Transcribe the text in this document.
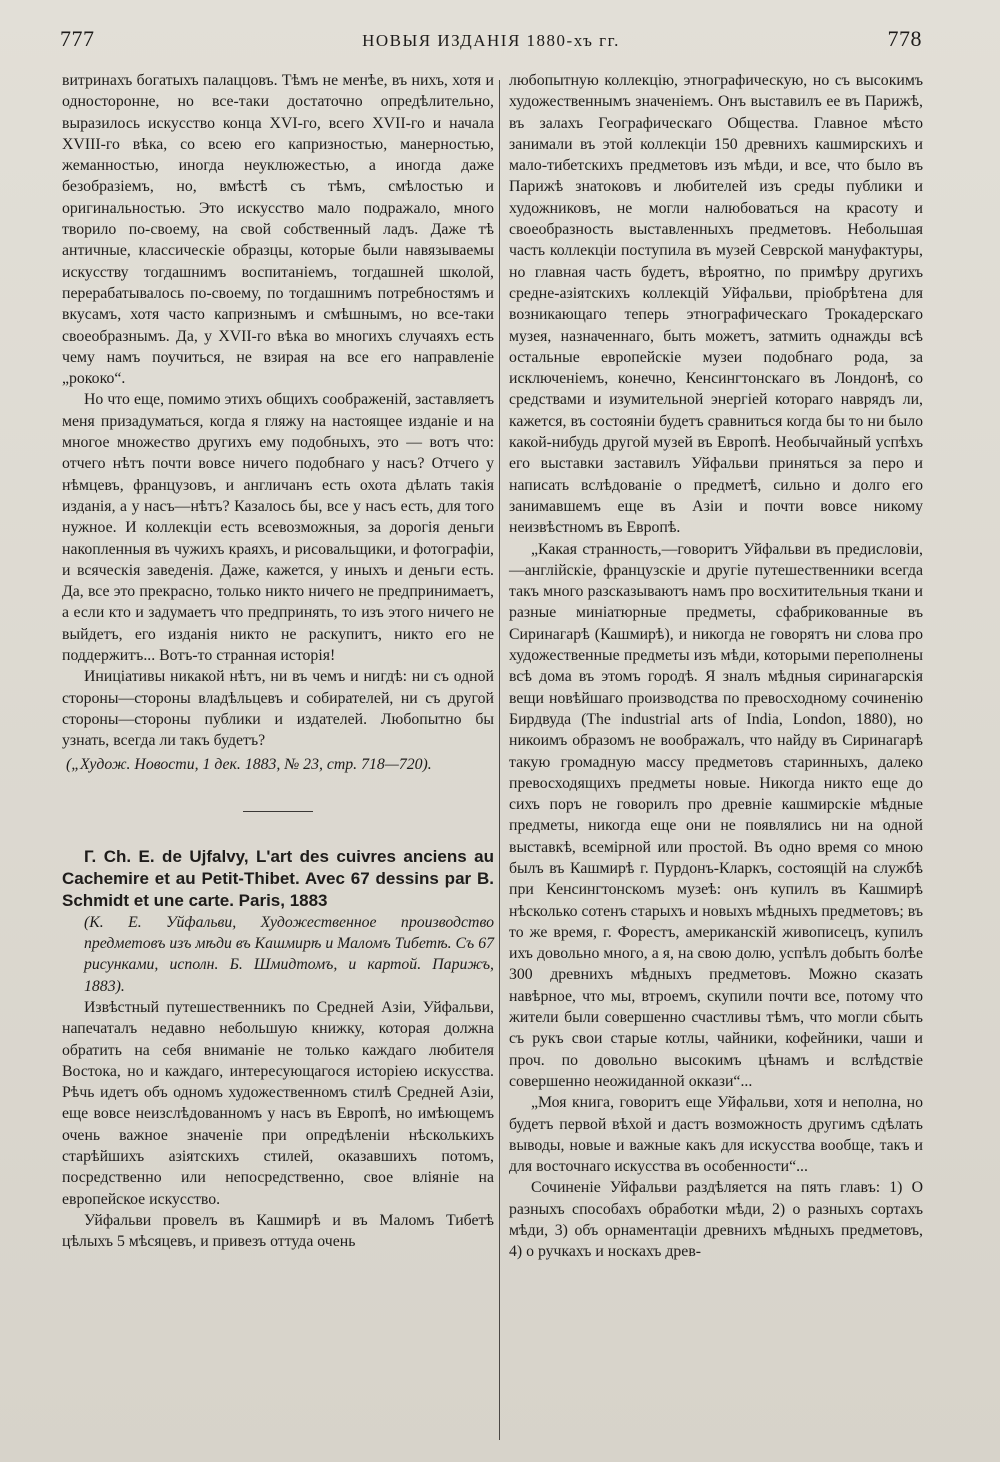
777	НОВЫЯ ИЗДАНІЯ 1880-хъ гг.	778

витринахъ богатыхъ палаццовъ. Тѣмъ не менѣе, въ нихъ, хотя и односторонне, но все-таки достаточно опредѣлительно, выразилось искусство конца XVI-го, всего XVII-го и начала XVIII-го вѣка, со всею его капризностью, манерностью, жеманностью, иногда неуклюжестью, а иногда даже безобразіемъ, но, вмѣстѣ съ тѣмъ, смѣлостью и оригинальностью. Это искусство мало подражало, много творило по-своему, на свой собственный ладъ. Даже тѣ античные, классическіе образцы, которые были навязываемы искусству тогдашнимъ воспитаніемъ, тогдашней школой, перерабатывалось по-своему, по тогдашнимъ потребностямъ и вкусамъ, хотя часто капризнымъ и смѣшнымъ, но все-таки своеобразнымъ. Да, у XVII-го вѣка во многихъ случаяхъ есть чему намъ поучиться, не взирая на все его направленіе „рококо“.

Но что еще, помимо этихъ общихъ соображеній, заставляетъ меня призадуматься, когда я гляжу на настоящее изданіе и на многое множество другихъ ему подобныхъ, это — вотъ что: отчего нѣтъ почти вовсе ничего подобнаго у насъ? Отчего у нѣмцевъ, французовъ, и англичанъ есть охота дѣлать такія изданія, а у насъ—нѣтъ? Казалось бы, все у насъ есть, для того нужное. И коллекціи есть всевозможныя, за дорогія деньги накопленныя въ чужихъ краяхъ, и рисовальщики, и фотографіи, и всяческія заведенія. Даже, кажется, у иныхъ и деньги есть. Да, все это прекрасно, только никто ничего не предпринимаетъ, а если кто и задумаетъ что предпринять, то изъ этого ничего не выйдетъ, его изданія никто не раскупитъ, никто его не поддержитъ... Вотъ-то странная исторія!

Иниціативы никакой нѣтъ, ни въ чемъ и нигдѣ: ни съ одной стороны—стороны владѣльцевъ и собирателей, ни съ другой стороны—стороны публики и издателей. Любопытно бы узнать, всегда ли такъ будетъ?

(„Худож. Новости, 1 дек. 1883, № 23, стр. 718—720).

Г. Ch. E. de Ujfalvy, L'art des cuivres anciens au Cachemire et au Petit-Thibet. Avec 67 dessins par B. Schmidt et une carte. Paris, 1883

(К. Е. Уйфальви, Художественное производство предметовъ изъ мѣди въ Кашмирѣ и Маломъ Тибетѣ. Съ 67 рисунками, исполн. Б. Шмидтомъ, и картой. Парижъ, 1883).

Извѣстный путешественникъ по Средней Азіи, Уйфальви, напечаталъ недавно небольшую книжку, которая должна обратить на себя вниманіе не только каждаго любителя Востока, но и каждаго, интересующагося исторіею искусства. Рѣчь идетъ объ одномъ художественномъ стилѣ Средней Азіи, еще вовсе неизслѣдованномъ у насъ въ Европѣ, но имѣющемъ очень важное значеніе при опредѣленіи нѣсколькихъ старѣйшихъ азіятскихъ стилей, оказавшихъ потомъ, посредственно или непосредственно, свое вліяніе на европейское искусство.

Уйфальви провелъ въ Кашмирѣ и въ Маломъ Тибетѣ цѣлыхъ 5 мѣсяцевъ, и привезъ оттуда очень

любопытную коллекцію, этнографическую, но съ высокимъ художественнымъ значеніемъ. Онъ выставилъ ее въ Парижѣ, въ залахъ Географическаго Общества. Главное мѣсто занимали въ этой коллекціи 150 древнихъ кашмирскихъ и мало-тибетскихъ предметовъ изъ мѣди, и все, что было въ Парижѣ знатоковъ и любителей изъ среды публики и художниковъ, не могли налюбоваться на красоту и своеобразность выставленныхъ предметовъ. Небольшая часть коллекціи поступила въ музей Севрской мануфактуры, но главная часть будетъ, вѣроятно, по примѣру другихъ средне-азіятскихъ коллекцій Уйфальви, пріобрѣтена для возникающаго теперь этнографическаго Трокадерскаго музея, назначеннаго, быть можетъ, затмить однажды всѣ остальные европейскіе музеи подобнаго рода, за исключеніемъ, конечно, Кенсингтонскаго въ Лондонѣ, со средствами и изумительной энергіей котораго наврядъ ли, кажется, въ состояніи будетъ сравниться когда бы то ни было какой-нибудь другой музей въ Европѣ. Необычайный успѣхъ его выставки заставилъ Уйфальви приняться за перо и написать вслѣдованіе о предметѣ, сильно и долго его занимавшемъ еще въ Азіи и почти вовсе никому неизвѣстномъ въ Европѣ.

„Какая странность,—говоритъ Уйфальви въ предисловіи,—англійскіе, французскіе и другіе путешественники всегда такъ много разсказываютъ намъ про восхитительныя ткани и разные миніатюрные предметы, сфабрикованные въ Сиринагарѣ (Кашмирѣ), и никогда не говорятъ ни слова про художественные предметы изъ мѣди, которыми переполнены всѣ дома въ этомъ городѣ. Я зналъ мѣдныя сиринагарскія вещи новѣйшаго производства по превосходному сочиненію Бирдвуда (The industrial arts of India, London, 1880), но никоимъ образомъ не воображалъ, что найду въ Сиринагарѣ такую громадную массу предметовъ старинныхъ, далеко превосходящихъ предметы новые. Никогда никто еще до сихъ поръ не говорилъ про древніе кашмирскіе мѣдные предметы, никогда еще они не появлялись ни на одной выставкѣ, всемірной или простой. Въ одно время со мною былъ въ Кашмирѣ г. Пурдонъ-Кларкъ, состоящій на службѣ при Кенсингтонскомъ музеѣ: онъ купилъ въ Кашмирѣ нѣсколько сотенъ старыхъ и новыхъ мѣдныхъ предметовъ; въ то же время, г. Форестъ, американскій живописецъ, купилъ ихъ довольно много, а я, на свою долю, успѣлъ добыть болѣе 300 древнихъ мѣдныхъ предметовъ. Можно сказать навѣрное, что мы, втроемъ, скупили почти все, потому что жители были совершенно счастливы тѣмъ, что могли сбыть съ рукъ свои старые котлы, чайники, кофейники, чаши и проч. по довольно высокимъ цѣнамъ и вслѣдствіе совершенно неожиданной оккази“...

„Моя книга, говоритъ еще Уйфальви, хотя и неполна, но будетъ первой вѣхой и дастъ возможность другимъ сдѣлать выводы, новые и важные какъ для искусства вообще, такъ и для восточнаго искусства въ особенности“...

Сочиненіе Уйфальви раздѣляется на пять главъ: 1) О разныхъ способахъ обработки мѣди, 2) о разныхъ сортахъ мѣди, 3) объ орнаментаціи древнихъ мѣдныхъ предметовъ, 4) о ручкахъ и носкахъ древ-
